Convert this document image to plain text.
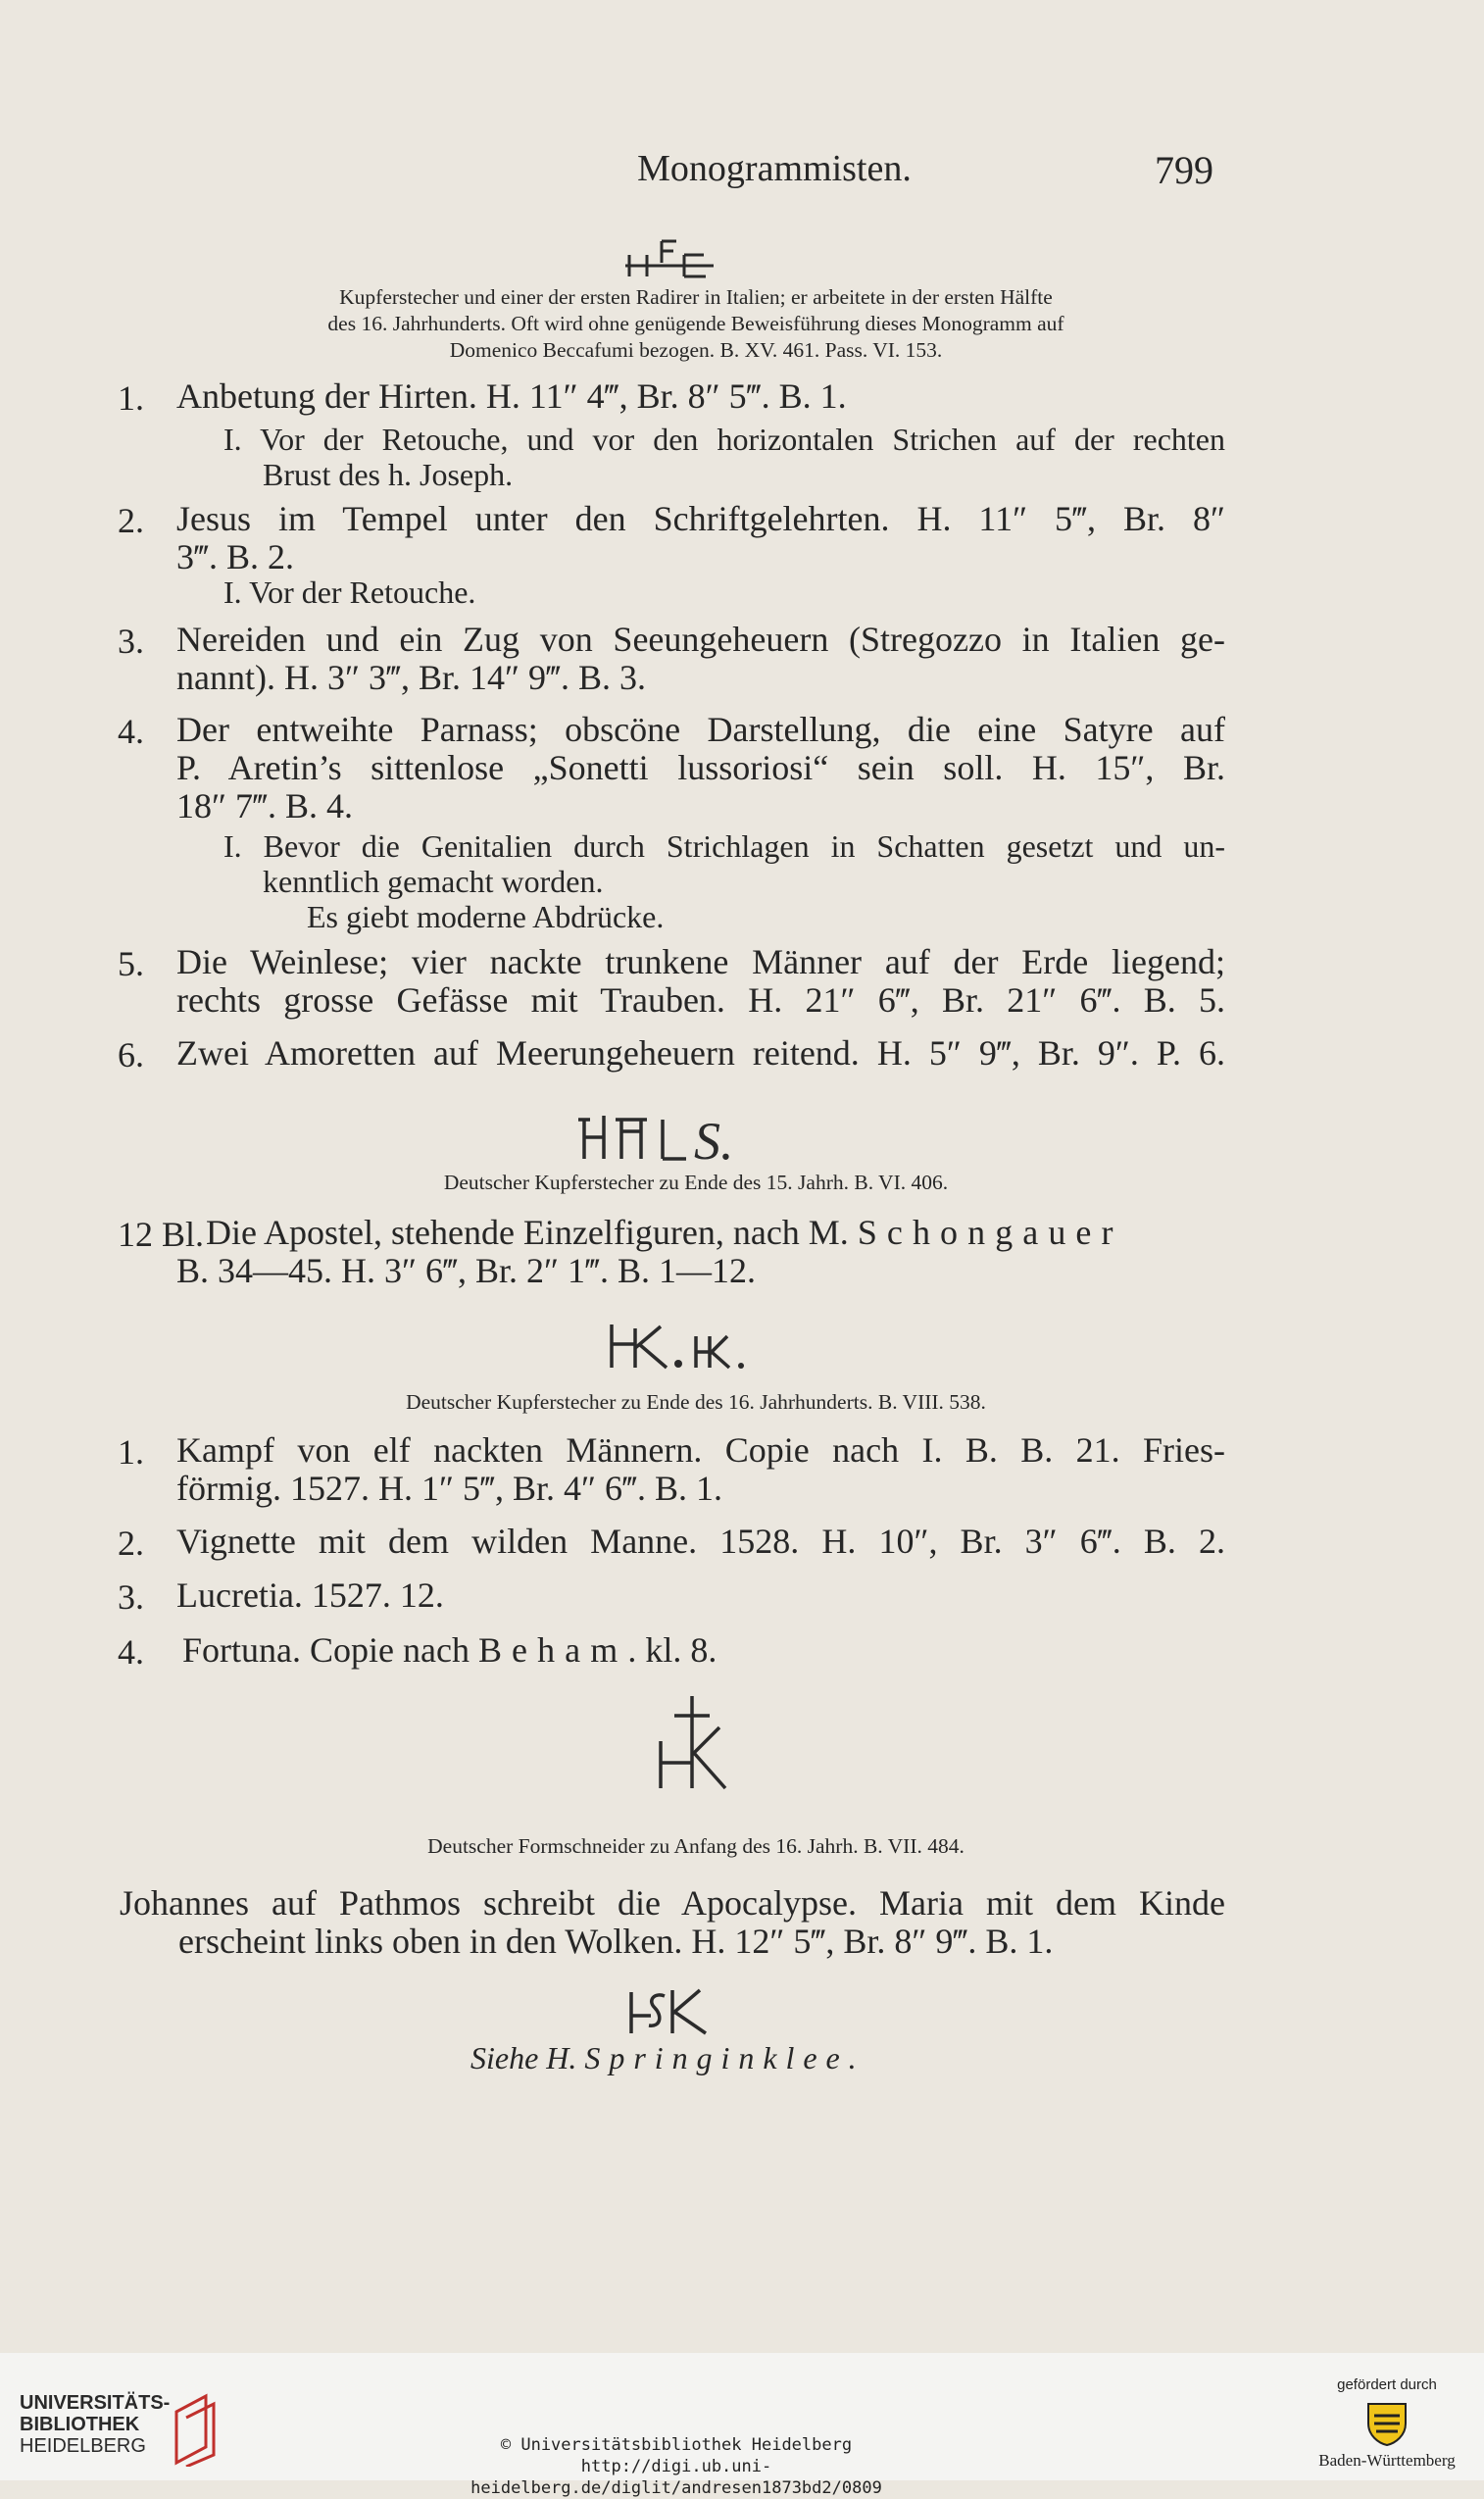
Monogrammisten.	799
HFE
Kupferstecher und einer der ersten Radirer in Italien; er arbeitete in der ersten Hälfte
des 16. Jahrhunderts. Oft wird ohne genügende Beweisführung dieses Monogramm auf
Domenico Beccafumi bezogen. B. XV. 461. Pass. VI. 153.
1. Anbetung der Hirten. H. 11″ 4‴, Br. 8″ 5‴. B. 1.
I. Vor der Retouche, und vor den horizontalen Strichen auf der rechten
Brust des h. Joseph.
2. Jesus im Tempel unter den Schriftgelehrten. H. 11″ 5‴, Br. 8″
3‴. B. 2.
I. Vor der Retouche.
3. Nereiden und ein Zug von Seeungeheuern (Stregozzo in Italien ge-
nannt). H. 3″ 3‴, Br. 14″ 9‴. B. 3.
4. Der entweihte Parnass; obscöne Darstellung, die eine Satyre auf
P. Aretin’s sittenlose „Sonetti lussoriosi“ sein soll. H. 15″, Br.
18″ 7‴. B. 4.
I. Bevor die Genitalien durch Strichlagen in Schatten gesetzt und un-
kenntlich gemacht worden.
Es giebt moderne Abdrücke.
5. Die Weinlese; vier nackte trunkene Männer auf der Erde liegend;
rechts grosse Gefässe mit Trauben. H. 21″ 6‴, Br. 21″ 6‴. B. 5.
6. Zwei Amoretten auf Meerungeheuern reitend. H. 5″ 9‴, Br. 9″. P. 6.
S.
Deutscher Kupferstecher zu Ende des 15. Jahrh. B. VI. 406.
12 Bl. Die Apostel, stehende Einzelfiguren, nach M. Schongauer
B. 34—45. H. 3″ 6‴, Br. 2″ 1‴. B. 1—12.
Deutscher Kupferstecher zu Ende des 16. Jahrhunderts. B. VIII. 538.
1. Kampf von elf nackten Männern. Copie nach I. B. B. 21. Fries-
förmig. 1527. H. 1″ 5‴, Br. 4″ 6‴. B. 1.
2. Vignette mit dem wilden Manne. 1528. H. 10″, Br. 3″ 6‴. B. 2.
3. Lucretia. 1527. 12.
4. Fortuna. Copie nach Beham. kl. 8.
Deutscher Formschneider zu Anfang des 16. Jahrh. B. VII. 484.
Johannes auf Pathmos schreibt die Apocalypse. Maria mit dem Kinde
erscheint links oben in den Wolken. H. 12″ 5‴, Br. 8″ 9‴. B. 1.
Siehe H. Springinklee.
UNIVERSITÄTS-
BIBLIOTHEK
HEIDELBERG	© Universitätsbibliothek Heidelberg
http://digi.ub.uni-heidelberg.de/diglit/andresen1873bd2/0809
gefördert durch
Baden-Württemberg
